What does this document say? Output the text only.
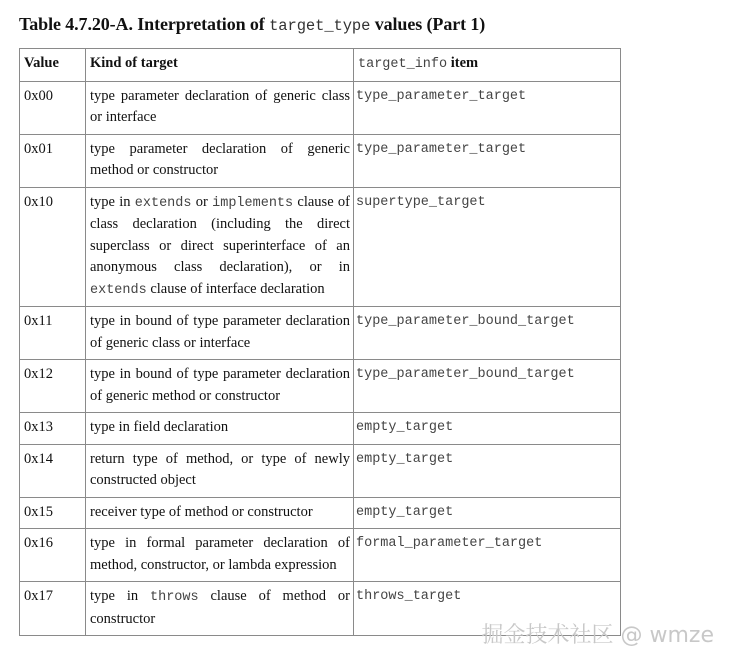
Table 4.7.20-A. Interpretation of target_type values (Part 1)
Value	Kind of target	target_info item
0x00	type parameter declaration of generic class or interface	type_parameter_target
0x01	type parameter declaration of generic method or constructor	type_parameter_target
0x10	type in extends or implements clause of class declaration (including the direct superclass or direct superinterface of an anonymous class declaration), or in extends clause of interface declaration	supertype_target
0x11	type in bound of type parameter declaration of generic class or interface	type_parameter_bound_target
0x12	type in bound of type parameter declaration of generic method or constructor	type_parameter_bound_target
0x13	type in field declaration	empty_target
0x14	return type of method, or type of newly constructed object	empty_target
0x15	receiver type of method or constructor	empty_target
0x16	type in formal parameter declaration of method, constructor, or lambda expression	formal_parameter_target
0x17	type in throws clause of method or constructor	throws_target
掘金技术社区 @ wmze
